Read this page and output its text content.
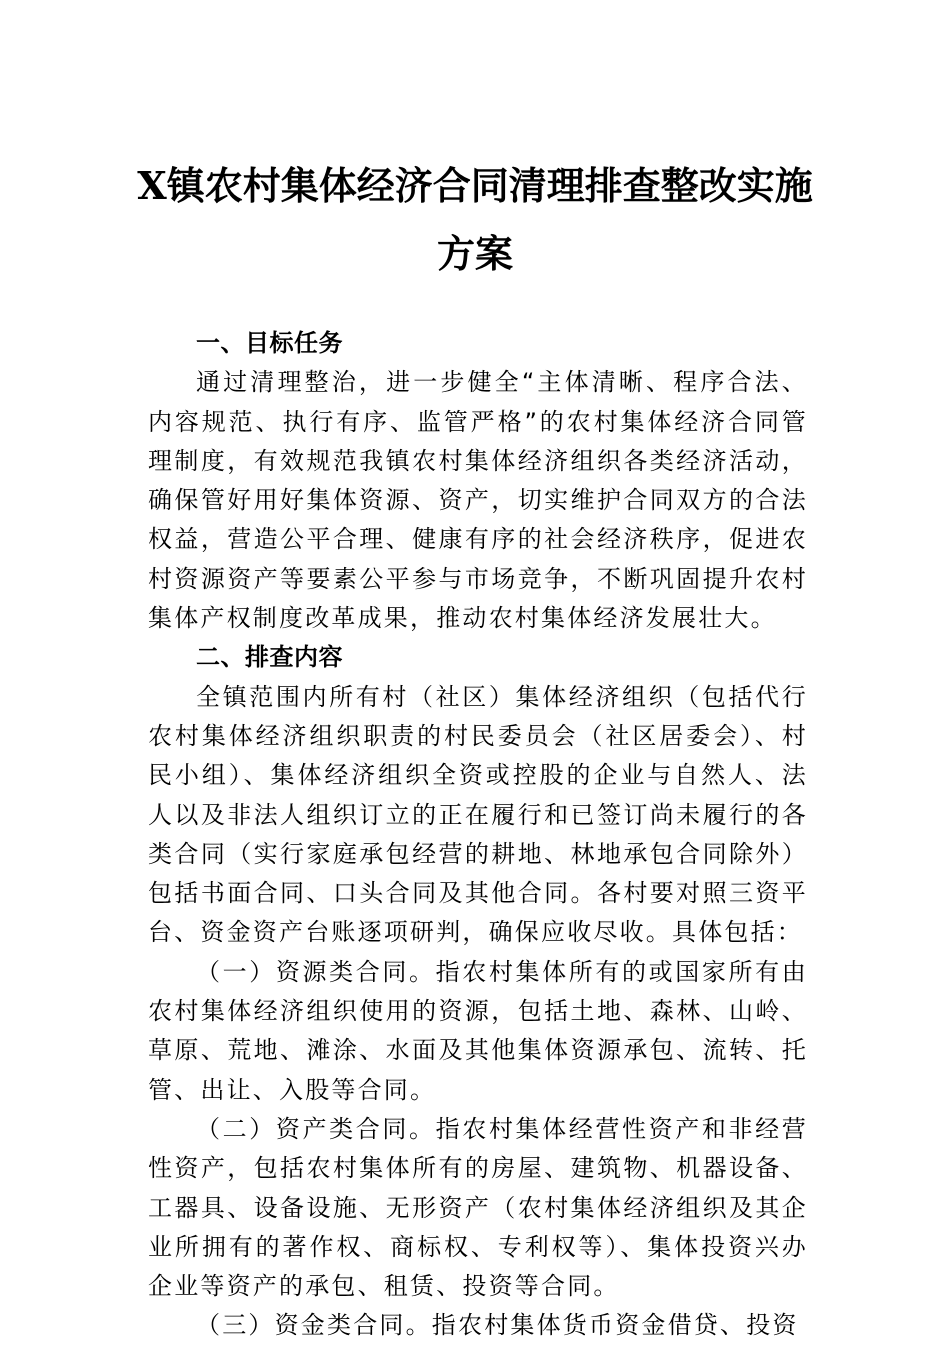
X镇农村集体经济合同清理排查整改实施
方案

一、目标任务

通过清理整治，进一步健全“主体清晰、程序合法、内容规范、执行有序、监管严格”的农村集体经济合同管理制度，有效规范我镇农村集体经济组织各类经济活动，确保管好用好集体资源、资产，切实维护合同双方的合法权益，营造公平合理、健康有序的社会经济秩序，促进农村资源资产等要素公平参与市场竞争，不断巩固提升农村集体产权制度改革成果，推动农村集体经济发展壮大。

二、排查内容

全镇范围内所有村（社区）集体经济组织（包括代行农村集体经济组织职责的村民委员会（社区居委会）、村民小组）、集体经济组织全资或控股的企业与自然人、法人以及非法人组织订立的正在履行和已签订尚未履行的各类合同（实行家庭承包经营的耕地、林地承包合同除外）包括书面合同、口头合同及其他合同。各村要对照三资平台、资金资产台账逐项研判，确保应收尽收。具体包括：

（一）资源类合同。指农村集体所有的或国家所有由农村集体经济组织使用的资源，包括土地、森林、山岭、草原、荒地、滩涂、水面及其他集体资源承包、流转、托管、出让、入股等合同。

（二）资产类合同。指农村集体经营性资产和非经营性资产，包括农村集体所有的房屋、建筑物、机器设备、工器具、设备设施、无形资产（农村集体经济组织及其企业所拥有的著作权、商标权、专利权等）、集体投资兴办企业等资产的承包、租赁、投资等合同。

（三）资金类合同。指农村集体货币资金借贷、投资
